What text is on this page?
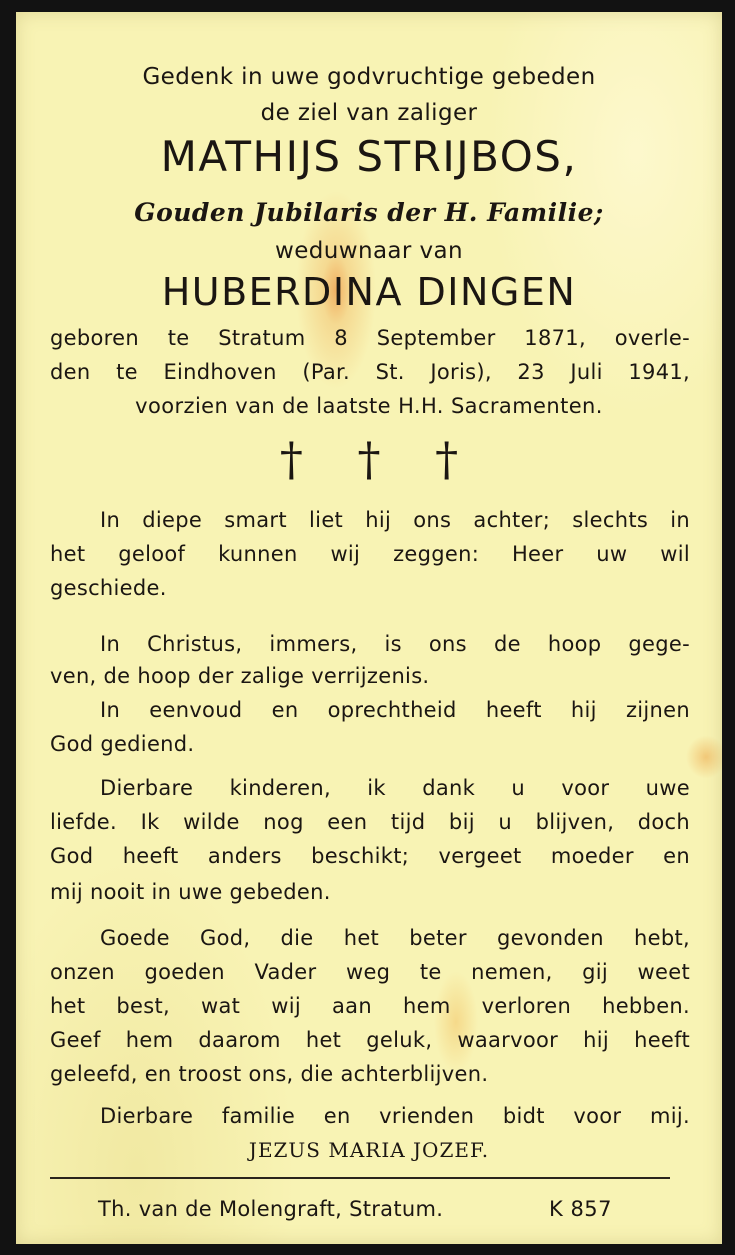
Gedenk in uwe godvruchtige gebeden

de ziel van zaliger

MATHIJS STRIJBOS,

Gouden Jubilaris der H. Familie;

weduwnaar van

HUBERDINA DINGEN

geboren te Stratum 8 September 1871, overle-

den te Eindhoven (Par. St. Joris), 23 Juli 1941,

voorzien van de laatste H.H. Sacramenten.

† † †

In diepe smart liet hij ons achter; slechts in

het geloof kunnen wij zeggen: Heer uw wil

geschiede.

In Christus, immers, is ons de hoop gege-

ven, de hoop der zalige verrijzenis.

In eenvoud en oprechtheid heeft hij zijnen

God gediend.

Dierbare kinderen, ik dank u voor uwe

liefde. Ik wilde nog een tijd bij u blijven, doch

God heeft anders beschikt; vergeet moeder en

mij nooit in uwe gebeden.

Goede God, die het beter gevonden hebt,

onzen goeden Vader weg te nemen, gij weet

het best, wat wij aan hem verloren hebben.

Geef hem daarom het geluk, waarvoor hij heeft

geleefd, en troost ons, die achterblijven.

Dierbare familie en vrienden bidt voor mij.

JEZUS MARIA JOZEF.

Th. van de Molengraft, Stratum.	K 857
